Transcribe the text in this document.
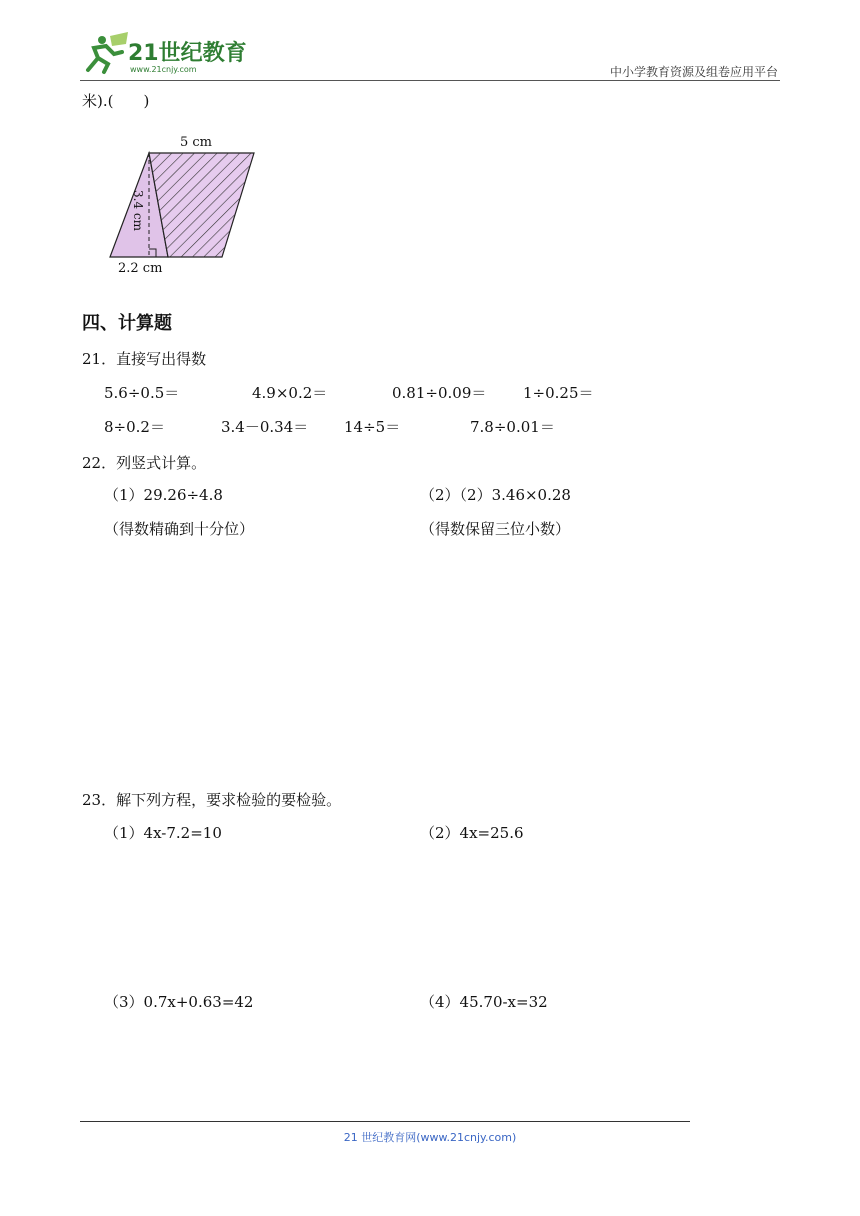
21世纪教育
www.21cnjy.com	中小学教育资源及组卷应用平台
米).(　　)
5 cm
3.4 cm
2.2 cm
四、计算题
21．直接写出得数
5.6÷0.5＝	4.9×0.2＝	0.81÷0.09＝ 1÷0.25＝
8÷0.2＝	3.4－0.34＝ 14÷5＝	7.8÷0.01＝
22．列竖式计算。
（1）29.26÷4.8
（得数精确到十分位）
（2）（2）3.46×0.28
（得数保留三位小数）
23．解下列方程，要求检验的要检验。
（1）4x-7.2=10	（2）4x=25.6
（3）0.7x+0.63=42	（4）45.70-x=32
21 世纪教育网(www.21cnjy.com)
